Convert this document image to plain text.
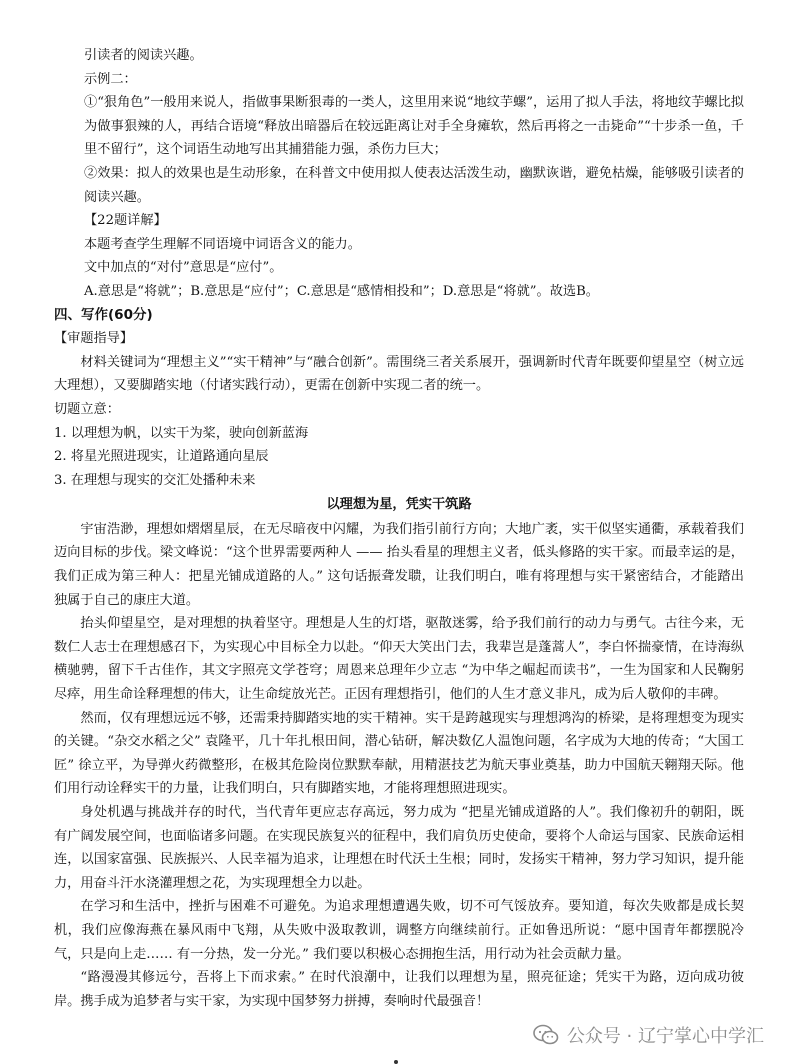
引读者的阅读兴趣。

示例二：

①“狠角色”一般用来说人，指做事果断狠毒的一类人，这里用来说“地纹芋螺”，运用了拟人手法，将地纹芋螺比拟为做事狠辣的人，再结合语境“释放出暗器后在较远距离让对手全身瘫软，然后再将之一击毙命”“十步杀一鱼，千里不留行”，这个词语生动地写出其捕猎能力强，杀伤力巨大；

②效果：拟人的效果也是生动形象，在科普文中使用拟人使表达活泼生动，幽默诙谐，避免枯燥，能够吸引读者的阅读兴趣。

【22题详解】

本题考查学生理解不同语境中词语含义的能力。

文中加点的“对付”意思是“应付”。

A.意思是“将就”；B.意思是“应付”；C.意思是“感情相投和”；D.意思是“将就”。故选B。

四、写作(60分)

【审题指导】

材料关键词为“理想主义”“实干精神”与“融合创新”。需围绕三者关系展开，强调新时代青年既要仰望星空（树立远大理想），又要脚踏实地（付诸实践行动），更需在创新中实现二者的统一。

切题立意：

1. 以理想为帆，以实干为桨，驶向创新蓝海

2. 将星光照进现实，让道路通向星辰

3. 在理想与现实的交汇处播种未来

以理想为星，凭实干筑路

宇宙浩渺，理想如熠熠星辰，在无尽暗夜中闪耀，为我们指引前行方向；大地广袤，实干似坚实通衢，承载着我们迈向目标的步伐。梁文峰说：“这个世界需要两种人 —— 抬头看星的理想主义者，低头修路的实干家。而最幸运的是，我们正成为第三种人：把星光铺成道路的人。” 这句话振聋发聩，让我们明白，唯有将理想与实干紧密结合，才能踏出独属于自己的康庄大道。

抬头仰望星空，是对理想的执着坚守。理想是人生的灯塔，驱散迷雾，给予我们前行的动力与勇气。古往今来，无数仁人志士在理想感召下，为实现心中目标全力以赴。“仰天大笑出门去，我辈岂是蓬蒿人”，李白怀揣豪情，在诗海纵横驰骋，留下千古佳作，其文字照亮文学苍穹；周恩来总理年少立志 “为中华之崛起而读书”，一生为国家和人民鞠躬尽瘁，用生命诠释理想的伟大，让生命绽放光芒。正因有理想指引，他们的人生才意义非凡，成为后人敬仰的丰碑。

然而，仅有理想远远不够，还需秉持脚踏实地的实干精神。实干是跨越现实与理想鸿沟的桥梁，是将理想变为现实的关键。“杂交水稻之父” 袁隆平，几十年扎根田间，潜心钻研，解决数亿人温饱问题，名字成为大地的传奇；“大国工匠” 徐立平，为导弹火药微整形，在极其危险岗位默默奉献，用精湛技艺为航天事业奠基，助力中国航天翱翔天际。他们用行动诠释实干的力量，让我们明白，只有脚踏实地，才能将理想照进现实。

身处机遇与挑战并存的时代，当代青年更应志存高远，努力成为 “把星光铺成道路的人”。我们像初升的朝阳，既有广阔发展空间，也面临诸多问题。在实现民族复兴的征程中，我们肩负历史使命，要将个人命运与国家、民族命运相连，以国家富强、民族振兴、人民幸福为追求，让理想在时代沃土生根；同时，发扬实干精神，努力学习知识，提升能力，用奋斗汗水浇灌理想之花，为实现理想全力以赴。

在学习和生活中，挫折与困难不可避免。为追求理想遭遇失败，切不可气馁放弃。要知道，每次失败都是成长契机，我们应像海燕在暴风雨中飞翔，从失败中汲取教训，调整方向继续前行。正如鲁迅所说：“愿中国青年都摆脱冷气，只是向上走…… 有一分热，发一分光。” 我们要以积极心态拥抱生活，用行动为社会贡献力量。

“路漫漫其修远兮，吾将上下而求索。” 在时代浪潮中，让我们以理想为星，照亮征途；凭实干为路，迈向成功彼岸。携手成为追梦者与实干家，为实现中国梦努力拼搏，奏响时代最强音！

公众号 · 辽宁掌心中学汇
